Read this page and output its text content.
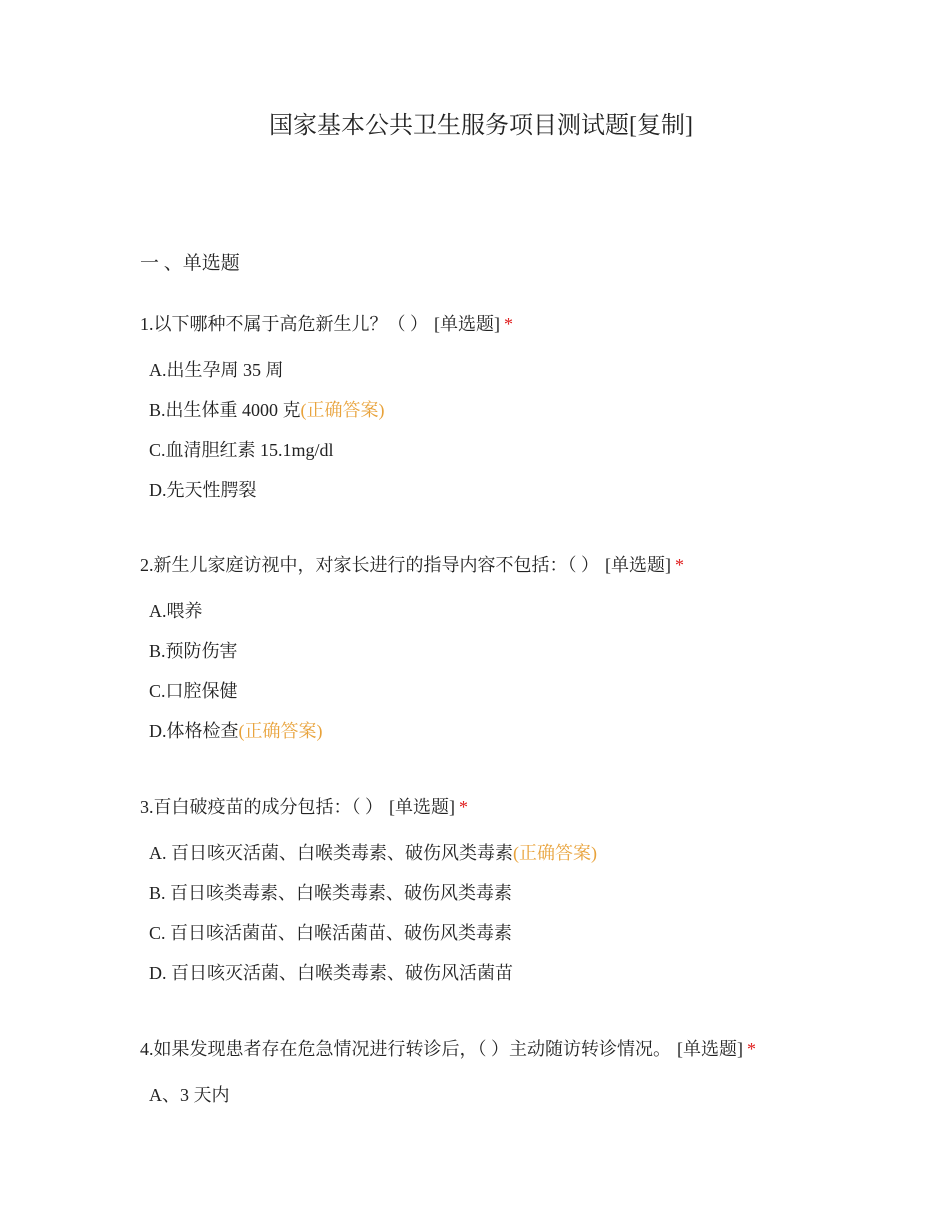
国家基本公共卫生服务项目测试题[复制]
一 、单选题
1.以下哪种不属于高危新生儿？（ ） [单选题] *
A.出生孕周 35 周
B.出生体重 4000 克(正确答案)
C.血清胆红素 15.1mg/dl
D.先天性腭裂
2.新生儿家庭访视中，对家长进行的指导内容不包括：（ ） [单选题] *
A.喂养
B.预防伤害
C.口腔保健
D.体格检查(正确答案)
3.百白破疫苗的成分包括：（ ） [单选题] *
A. 百日咳灭活菌、白喉类毒素、破伤风类毒素(正确答案)
B. 百日咳类毒素、白喉类毒素、破伤风类毒素
C. 百日咳活菌苗、白喉活菌苗、破伤风类毒素
D. 百日咳灭活菌、白喉类毒素、破伤风活菌苗
4.如果发现患者存在危急情况进行转诊后，（ ）主动随访转诊情况。 [单选题] *
A、3 天内
